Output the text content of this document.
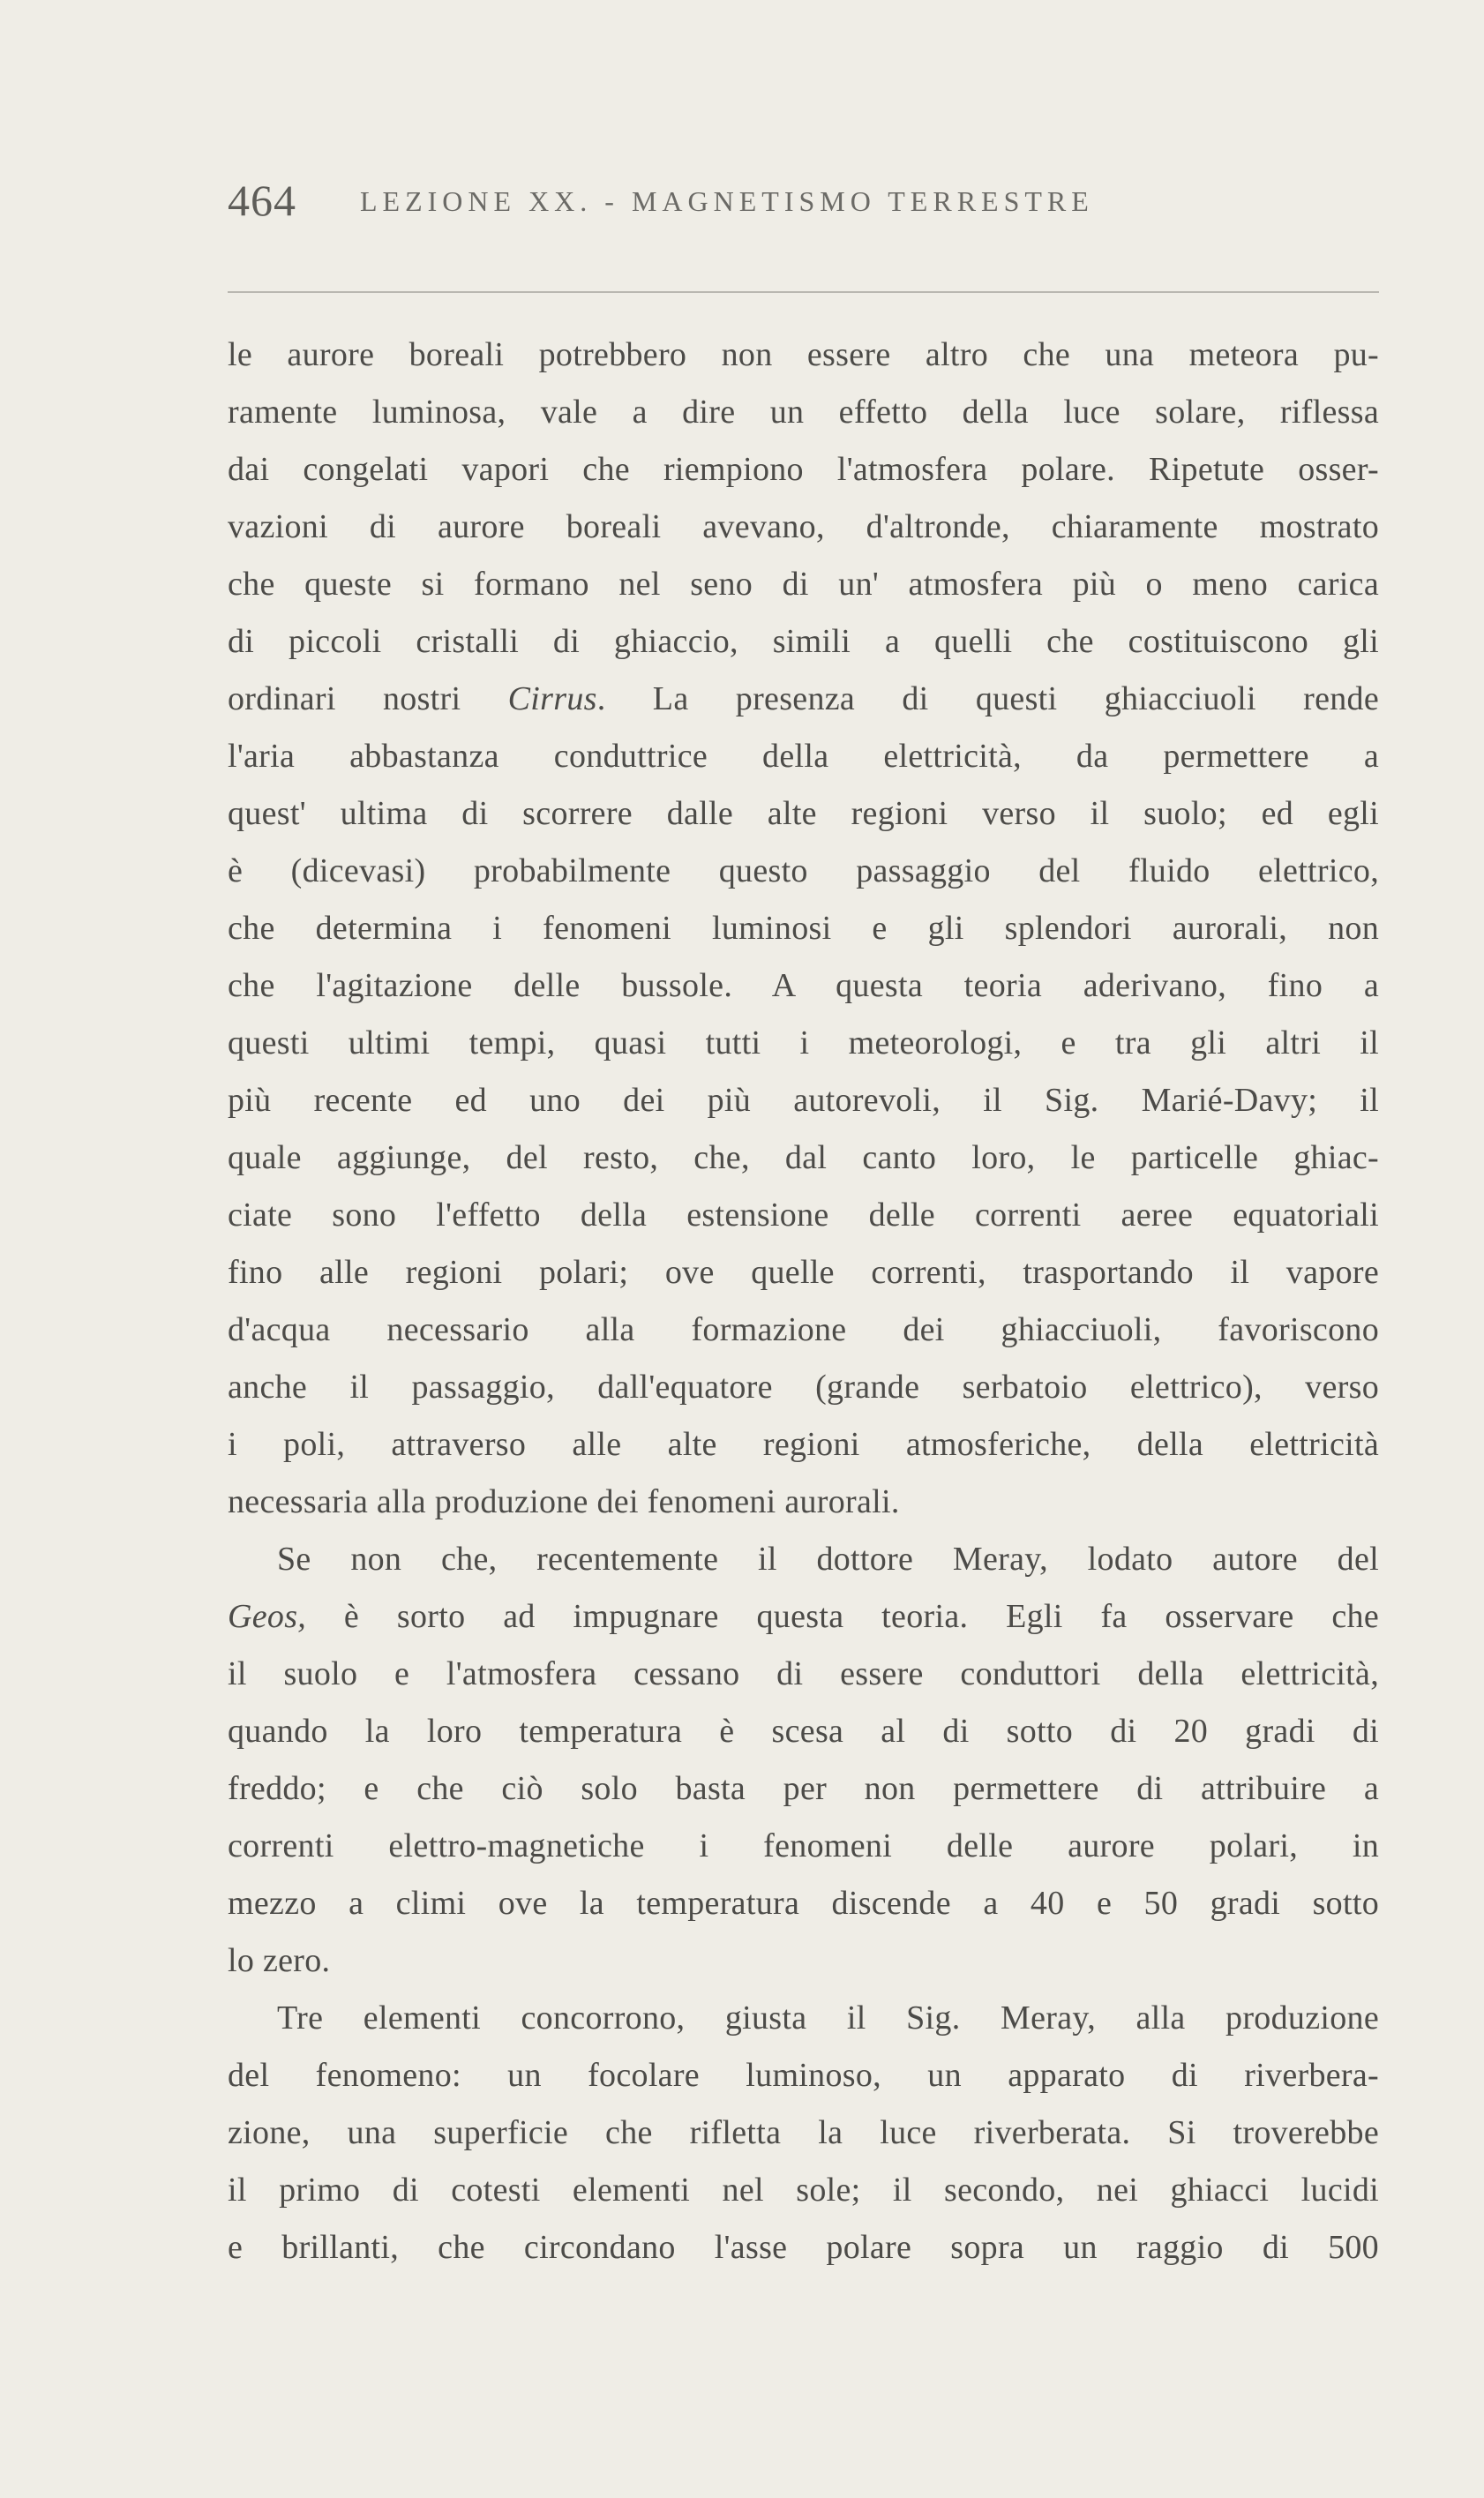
464 LEZIONE XX. - MAGNETISMO TERRESTRE
le aurore boreali potrebbero non essere altro che una meteora pu-
ramente luminosa, vale a dire un effetto della luce solare, riflessa
dai congelati vapori che riempiono l'atmosfera polare. Ripetute osser-
vazioni di aurore boreali avevano, d'altronde, chiaramente mostrato
che queste si formano nel seno di un' atmosfera più o meno carica
di piccoli cristalli di ghiaccio, simili a quelli che costituiscono gli
ordinari nostri Cirrus. La presenza di questi ghiacciuoli rende
l'aria abbastanza conduttrice della elettricità, da permettere a
quest' ultima di scorrere dalle alte regioni verso il suolo; ed egli
è (dicevasi) probabilmente questo passaggio del fluido elettrico,
che determina i fenomeni luminosi e gli splendori aurorali, non
che l'agitazione delle bussole. A questa teoria aderivano, fino a
questi ultimi tempi, quasi tutti i meteorologi, e tra gli altri il
più recente ed uno dei più autorevoli, il Sig. Marié-Davy; il
quale aggiunge, del resto, che, dal canto loro, le particelle ghiac-
ciate sono l'effetto della estensione delle correnti aeree equatoriali
fino alle regioni polari; ove quelle correnti, trasportando il vapore
d'acqua necessario alla formazione dei ghiacciuoli, favoriscono
anche il passaggio, dall'equatore (grande serbatoio elettrico), verso
i poli, attraverso alle alte regioni atmosferiche, della elettricità
necessaria alla produzione dei fenomeni aurorali.
Se non che, recentemente il dottore Meray, lodato autore del
Geos, è sorto ad impugnare questa teoria. Egli fa osservare che
il suolo e l'atmosfera cessano di essere conduttori della elettricità,
quando la loro temperatura è scesa al di sotto di 20 gradi di
freddo; e che ciò solo basta per non permettere di attribuire a
correnti elettro-magnetiche i fenomeni delle aurore polari, in
mezzo a climi ove la temperatura discende a 40 e 50 gradi sotto
lo zero.
Tre elementi concorrono, giusta il Sig. Meray, alla produzione
del fenomeno: un focolare luminoso, un apparato di riverbera-
zione, una superficie che rifletta la luce riverberata. Si troverebbe
il primo di cotesti elementi nel sole; il secondo, nei ghiacci lucidi
e brillanti, che circondano l'asse polare sopra un raggio di 500
